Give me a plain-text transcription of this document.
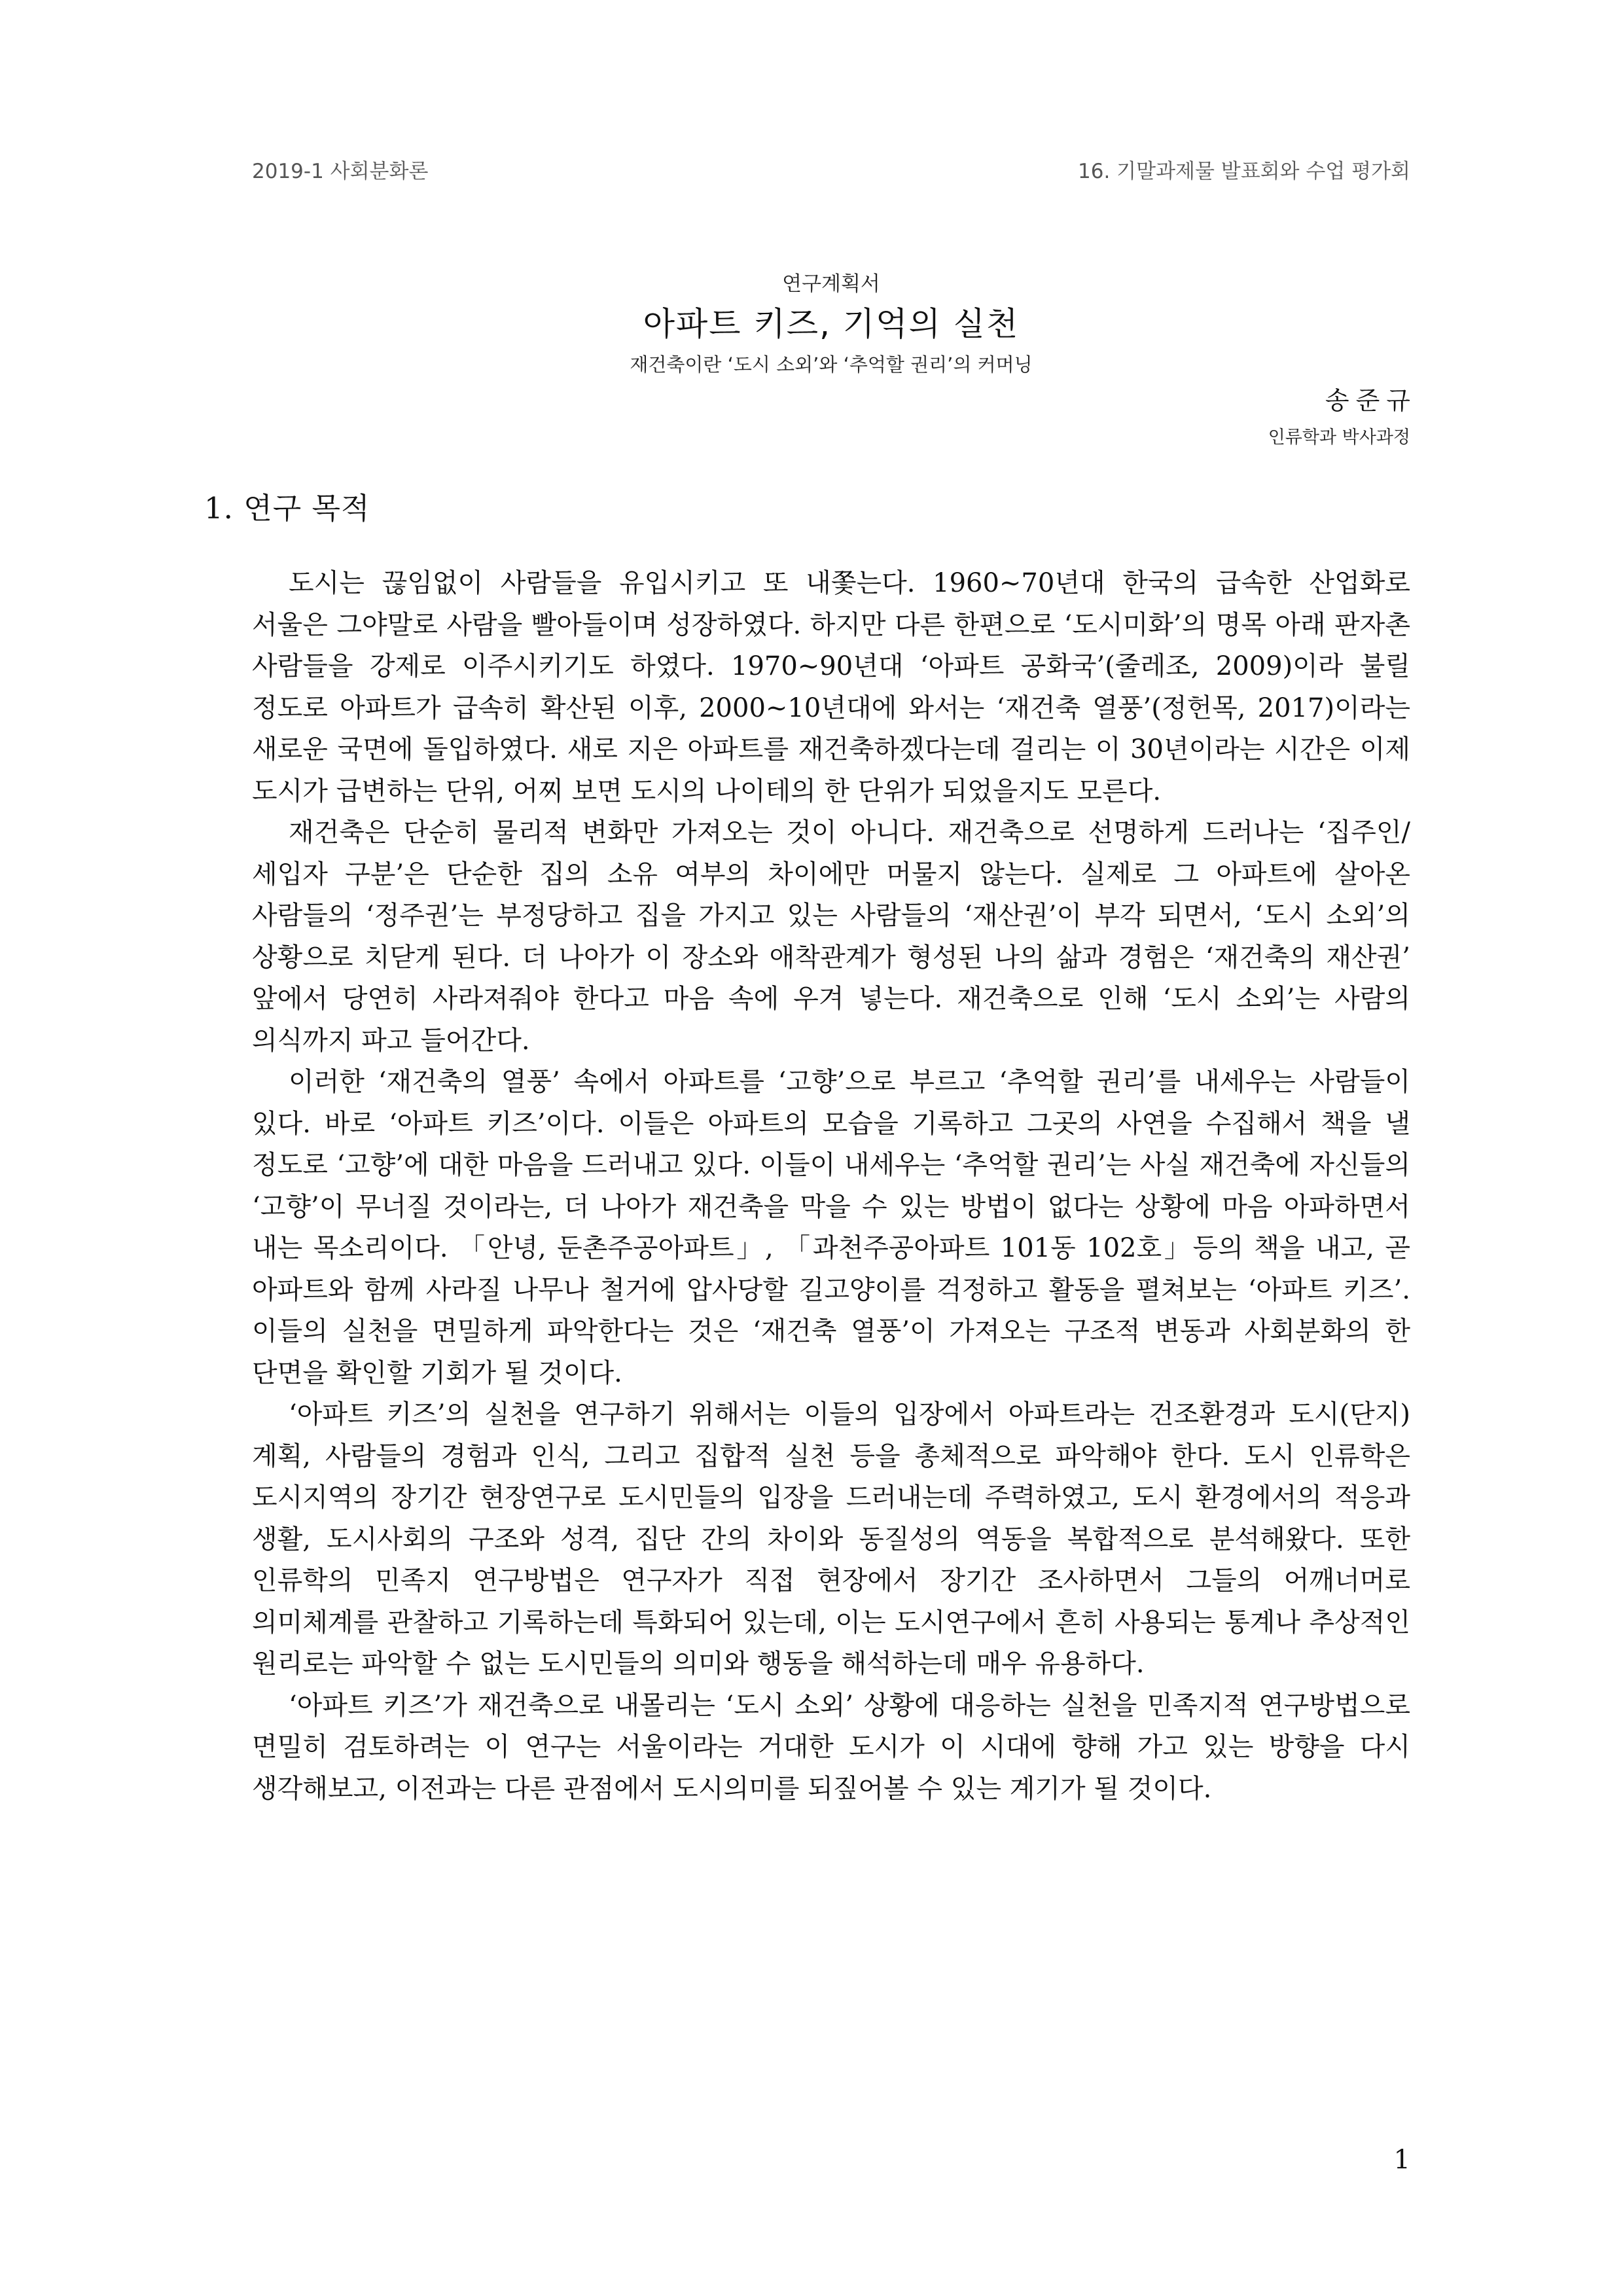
2019-1 사회분화론	16. 기말과제물 발표회와 수업 평가회
연구계획서
아파트 키즈, 기억의 실천
재건축이란 ‘도시 소외’와 ‘추억할 권리’의 커머닝
송준규
인류학과 박사과정
1. 연구 목적

도시는 끊임없이 사람들을 유입시키고 또 내쫓는다. 1960~70년대 한국의 급속한 산업화로 서울은 그야말로 사람을 빨아들이며 성장하였다. 하지만 다른 한편으로 ‘도시미화’의 명목 아래 판자촌 사람들을 강제로 이주시키기도 하였다. 1970~90년대 ‘아파트 공화국’(줄레조, 2009)이라 불릴 정도로 아파트가 급속히 확산된 이후, 2000~10년대에 와서는 ‘재건축 열풍’(정헌목, 2017)이라는 새로운 국면에 돌입하였다. 새로 지은 아파트를 재건축하겠다는데 걸리는 이 30년이라는 시간은 이제 도시가 급변하는 단위, 어찌 보면 도시의 나이테의 한 단위가 되었을지도 모른다.

재건축은 단순히 물리적 변화만 가져오는 것이 아니다. 재건축으로 선명하게 드러나는 ‘집주인/세입자 구분’은 단순한 집의 소유 여부의 차이에만 머물지 않는다. 실제로 그 아파트에 살아온 사람들의 ‘정주권’는 부정당하고 집을 가지고 있는 사람들의 ‘재산권’이 부각 되면서, ‘도시 소외’의 상황으로 치닫게 된다. 더 나아가 이 장소와 애착관계가 형성된 나의 삶과 경험은 ‘재건축의 재산권’ 앞에서 당연히 사라져줘야 한다고 마음 속에 우겨 넣는다. 재건축으로 인해 ‘도시 소외’는 사람의 의식까지 파고 들어간다.

이러한 ‘재건축의 열풍’ 속에서 아파트를 ‘고향’으로 부르고 ‘추억할 권리’를 내세우는 사람들이 있다. 바로 ‘아파트 키즈’이다. 이들은 아파트의 모습을 기록하고 그곳의 사연을 수집해서 책을 낼 정도로 ‘고향’에 대한 마음을 드러내고 있다. 이들이 내세우는 ‘추억할 권리’는 사실 재건축에 자신들의 ‘고향’이 무너질 것이라는, 더 나아가 재건축을 막을 수 있는 방법이 없다는 상황에 마음 아파하면서 내는 목소리이다. 「안녕, 둔촌주공아파트」, 「과천주공아파트 101동 102호」등의 책을 내고, 곧 아파트와 함께 사라질 나무나 철거에 압사당할 길고양이를 걱정하고 활동을 펼쳐보는 ‘아파트 키즈’. 이들의 실천을 면밀하게 파악한다는 것은 ‘재건축 열풍’이 가져오는 구조적 변동과 사회분화의 한 단면을 확인할 기회가 될 것이다.

‘아파트 키즈’의 실천을 연구하기 위해서는 이들의 입장에서 아파트라는 건조환경과 도시(단지)계획, 사람들의 경험과 인식, 그리고 집합적 실천 등을 총체적으로 파악해야 한다. 도시 인류학은 도시지역의 장기간 현장연구로 도시민들의 입장을 드러내는데 주력하였고, 도시 환경에서의 적응과 생활, 도시사회의 구조와 성격, 집단 간의 차이와 동질성의 역동을 복합적으로 분석해왔다. 또한 인류학의 민족지 연구방법은 연구자가 직접 현장에서 장기간 조사하면서 그들의 어깨너머로 의미체계를 관찰하고 기록하는데 특화되어 있는데, 이는 도시연구에서 흔히 사용되는 통계나 추상적인 원리로는 파악할 수 없는 도시민들의 의미와 행동을 해석하는데 매우 유용하다.

‘아파트 키즈’가 재건축으로 내몰리는 ‘도시 소외’ 상황에 대응하는 실천을 민족지적 연구방법으로 면밀히 검토하려는 이 연구는 서울이라는 거대한 도시가 이 시대에 향해 가고 있는 방향을 다시 생각해보고, 이전과는 다른 관점에서 도시의미를 되짚어볼 수 있는 계기가 될 것이다.

1
